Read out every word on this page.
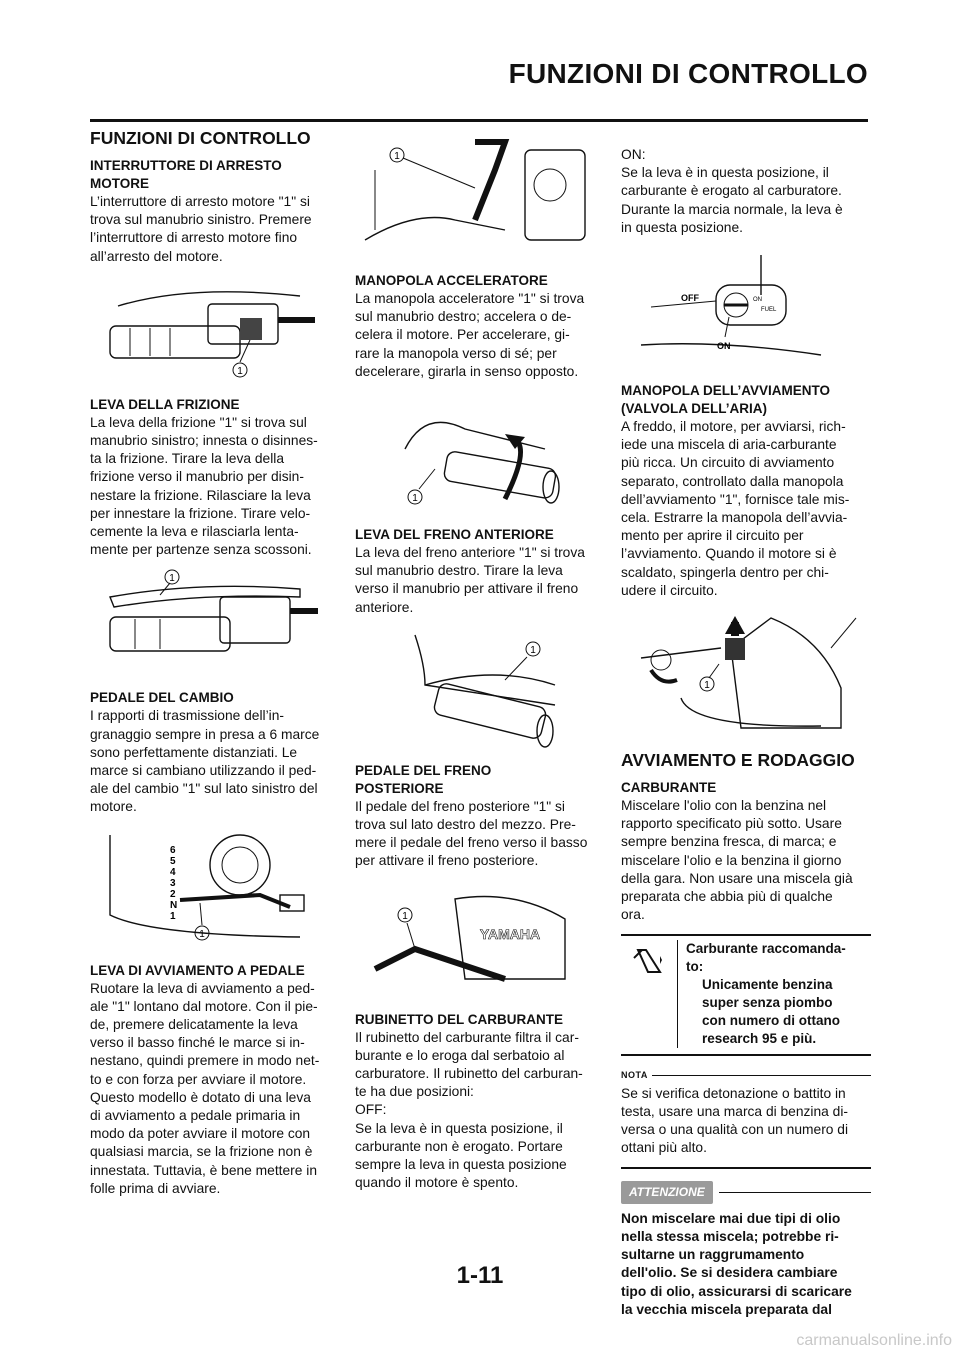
FUNZIONI DI CONTROLLO
FUNZIONI DI CONTROLLO
INTERRUTTORE DI ARRESTO
MOTORE

L’interruttore di arresto motore "1" si
trova sul manubrio sinistro. Premere
l’interruttore di arresto motore fino
all’arresto del motore.

1
LEVA DELLA FRIZIONE

La leva della frizione "1" si trova sul
manubrio sinistro; innesta o disinnes-
ta la frizione. Tirare la leva della
frizione verso il manubrio per disin-
nestare la frizione. Rilasciare la leva
per innestare la frizione. Tirare velo-
cemente la leva e rilasciarla lenta-
mente per partenze senza scossoni.

1
PEDALE DEL CAMBIO

I rapporti di trasmissione dell’in-
granaggio sempre in presa a 6 marce
sono perfettamente distanziati. Le
marce si cambiano utilizzando il ped-
ale del cambio "1" sul lato sinistro del
motore.

6
5
4
3
2
N
1
1
LEVA DI AVVIAMENTO A PEDALE

Ruotare la leva di avviamento a ped-
ale "1" lontano dal motore. Con il pie-
de, premere delicatamente la leva
verso il basso finché le marce si in-
nestano, quindi premere in modo net-
to e con forza per avviare il motore.
Questo modello è dotato di una leva
di avviamento a pedale primaria in
modo da poter avviare il motore con
qualsiasi marcia, se la frizione non è
innestata. Tuttavia, è bene mettere in
folle prima di avviare.

1
MANOPOLA ACCELERATORE

La manopola acceleratore "1" si trova
sul manubrio destro; accelera o de-
celera il motore. Per accelerare, gi-
rare la manopola verso di sé; per
decelerare, girarla in senso opposto.

1
LEVA DEL FRENO ANTERIORE

La leva del freno anteriore "1" si trova
sul manubrio destro. Tirare la leva
verso il manubrio per attivare il freno
anteriore.

1
PEDALE DEL FRENO
POSTERIORE

Il pedale del freno posteriore "1" si
trova sul lato destro del mezzo. Pre-
mere il pedale del freno verso il basso
per attivare il freno posteriore.

YAMAHA
1
RUBINETTO DEL CARBURANTE

Il rubinetto del carburante filtra il car-
burante e lo eroga dal serbatoio al
carburatore. Il rubinetto del carburan-
te ha due posizioni:
OFF:
Se la leva è in questa posizione, il
carburante non è erogato. Portare
sempre la leva in questa posizione
quando il motore è spento.

ON:
Se la leva è in questa posizione, il
carburante è erogato al carburatore.
Durante la marcia normale, la leva è
in questa posizione.

ON
FUEL
OFF
ON
MANOPOLA DELL’AVVIAMENTO
(VALVOLA DELL’ARIA)

A freddo, il motore, per avviarsi, rich-
iede una miscela di aria-carburante
più ricca. Un circuito di avviamento
separato, controllato dalla manopola
dell’avviamento "1", fornisce tale mis-
cela. Estrarre la manopola dell’avvia-
mento per aprire il circuito per
l’avviamento. Quando il motore si è
scaldato, spingerla dentro per chi-
udere il circuito.

1
AVVIAMENTO E RODAGGIO
CARBURANTE

Miscelare l'olio con la benzina nel
rapporto specificato più sotto. Usare
sempre benzina fresca, di marca; e
miscelare l'olio e la benzina il giorno
della gara. Non usare una miscela già
preparata che abbia più di qualche
ora.

Carburante raccomanda-
to:
Unicamente benzina
super senza piombo
con numero di ottano
research 95 e più.
NOTA

Se si verifica detonazione o battito in
testa, usare una marca di benzina di-
versa o una qualità con un numero di
ottani più alto.

ATTENZIONE

Non miscelare mai due tipi di olio
nella stessa miscela; potrebbe ri-
sultarne un raggrumamento
dell'olio. Se si desidera cambiare
tipo di olio, assicurarsi di scaricare
la vecchia miscela preparata dal

1-11
carmanualsonline.info
